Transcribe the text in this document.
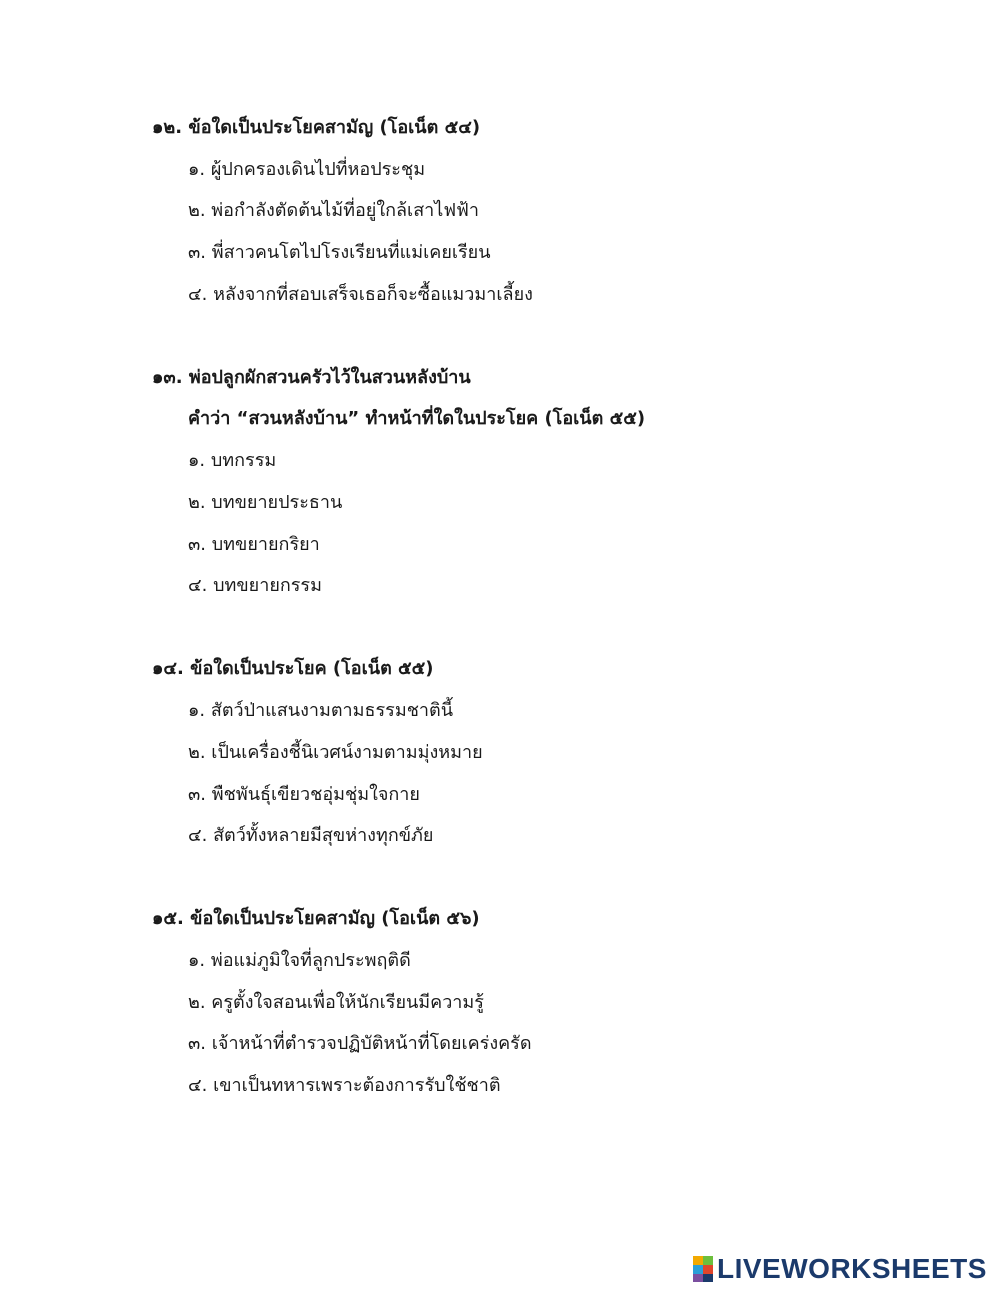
๑๒. ข้อใดเป็นประโยคสามัญ (โอเน็ต ๕๔)
๑. ผู้ปกครองเดินไปที่หอประชุม
๒. พ่อกำลังตัดต้นไม้ที่อยู่ใกล้เสาไฟฟ้า
๓. พี่สาวคนโตไปโรงเรียนที่แม่เคยเรียน
๔. หลังจากที่สอบเสร็จเธอก็จะซื้อแมวมาเลี้ยง
๑๓. พ่อปลูกผักสวนครัวไว้ในสวนหลังบ้าน
คำว่า “สวนหลังบ้าน” ทำหน้าที่ใดในประโยค (โอเน็ต ๕๕)
๑. บทกรรม
๒. บทขยายประธาน
๓. บทขยายกริยา
๔. บทขยายกรรม
๑๔. ข้อใดเป็นประโยค (โอเน็ต ๕๕)
๑. สัตว์ป่าแสนงามตามธรรมชาตินี้
๒. เป็นเครื่องชี้นิเวศน์งามตามมุ่งหมาย
๓. พืชพันธุ์เขียวชอุ่มชุ่มใจกาย
๔. สัตว์ทั้งหลายมีสุขห่างทุกข์ภัย
๑๕. ข้อใดเป็นประโยคสามัญ (โอเน็ต ๕๖)
๑. พ่อแม่ภูมิใจที่ลูกประพฤติดี
๒. ครูตั้งใจสอนเพื่อให้นักเรียนมีความรู้
๓. เจ้าหน้าที่ตำรวจปฏิบัติหน้าที่โดยเคร่งครัด
๔. เขาเป็นทหารเพราะต้องการรับใช้ชาติ
LIVEWORKSHEETS
